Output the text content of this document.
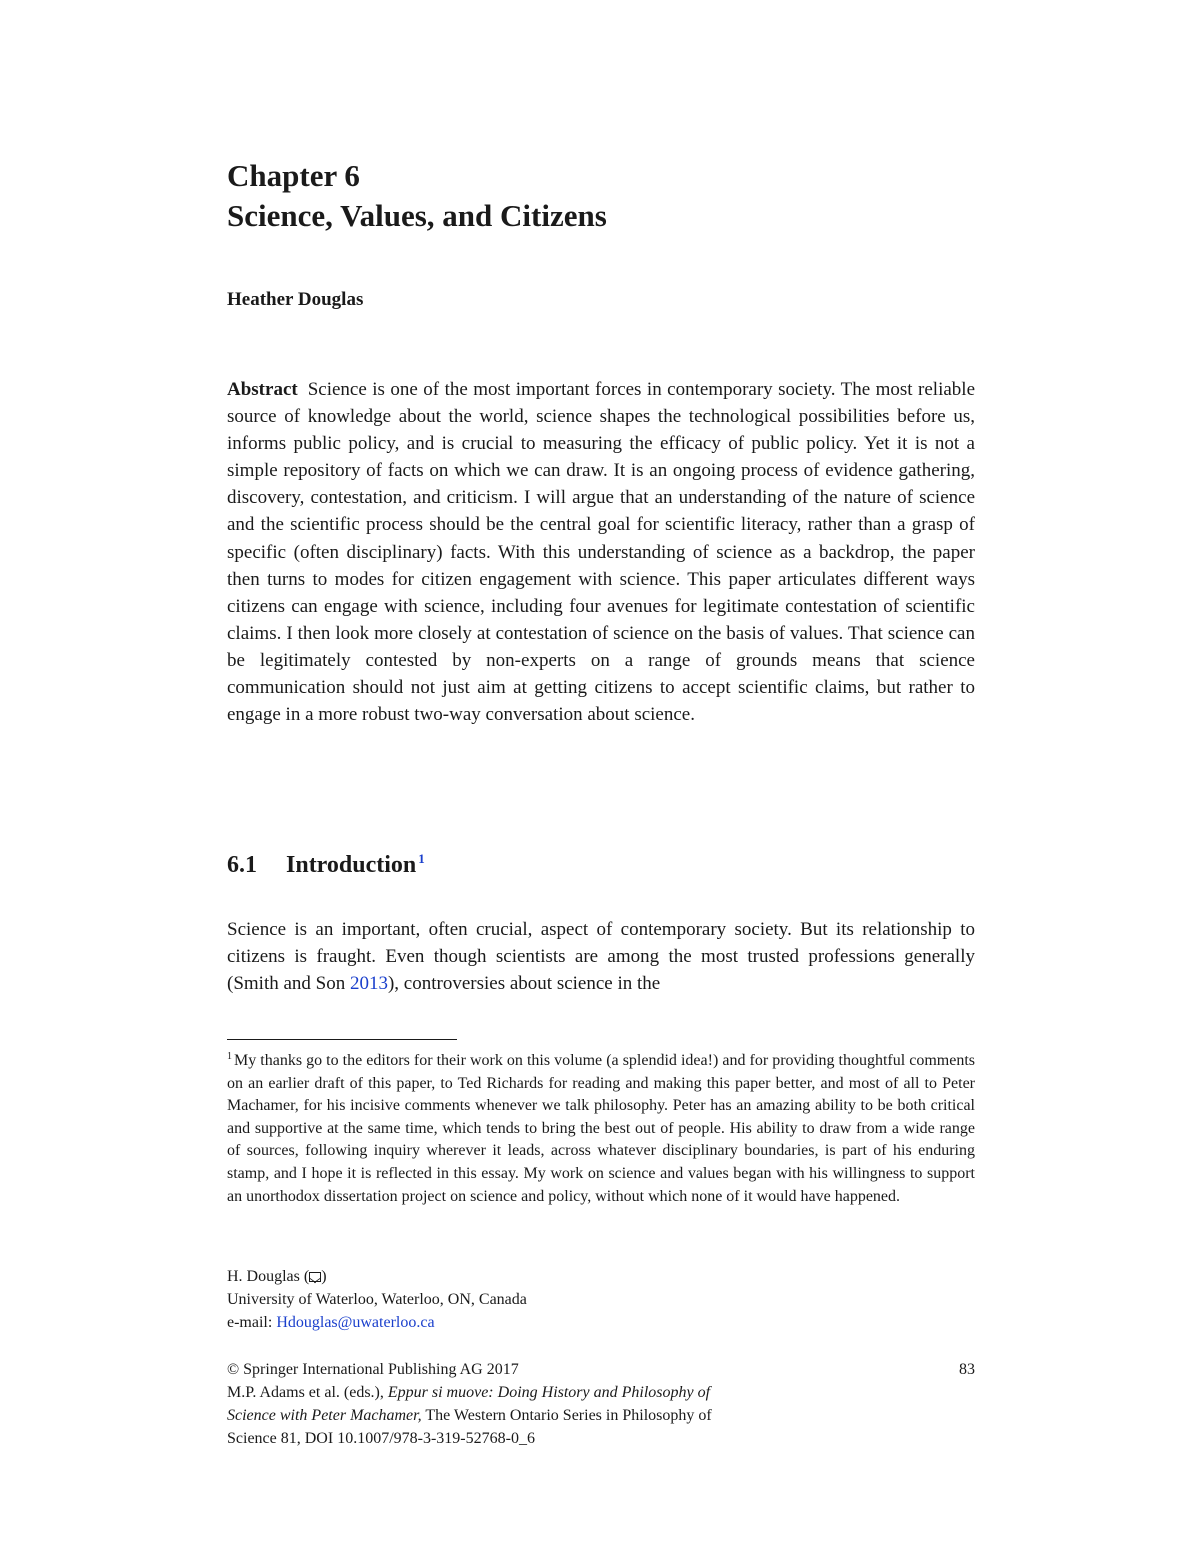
Chapter 6
Science, Values, and Citizens
Heather Douglas
Abstract Science is one of the most important forces in contemporary society. The most reliable source of knowledge about the world, science shapes the technological possibilities before us, informs public policy, and is crucial to measuring the efficacy of public policy. Yet it is not a simple repository of facts on which we can draw. It is an ongoing process of evidence gathering, discovery, contestation, and criticism. I will argue that an understanding of the nature of science and the scientific process should be the central goal for scientific literacy, rather than a grasp of specific (often disciplinary) facts. With this understanding of science as a backdrop, the paper then turns to modes for citizen engagement with science. This paper articulates different ways citizens can engage with science, including four avenues for legitimate contestation of scientific claims. I then look more closely at contestation of science on the basis of values. That science can be legitimately contested by non-experts on a range of grounds means that science communication should not just aim at getting citizens to accept scientific claims, but rather to engage in a more robust two-way conversation about science.
6.1 Introduction $^1$
Science is an important, often crucial, aspect of contemporary society. But its relationship to citizens is fraught. Even though scientists are among the most trusted professions generally (Smith and Son 2013), controversies about science in the
$^1$ My thanks go to the editors for their work on this volume (a splendid idea!) and for providing thoughtful comments on an earlier draft of this paper, to Ted Richards for reading and making this paper better, and most of all to Peter Machamer, for his incisive comments whenever we talk philosophy. Peter has an amazing ability to be both critical and supportive at the same time, which tends to bring the best out of people. His ability to draw from a wide range of sources, following inquiry wherever it leads, across whatever disciplinary boundaries, is part of his enduring stamp, and I hope it is reflected in this essay. My work on science and values began with his willingness to support an unorthodox dissertation project on science and policy, without which none of it would have happened.
H. Douglas ( )
University of Waterloo, Waterloo, ON, Canada
e-mail: Hdouglas@uwaterloo.ca
© Springer International Publishing AG 2017	83
M.P. Adams et al. (eds.), Eppur si muove: Doing History and Philosophy of
Science with Peter Machamer, The Western Ontario Series in Philosophy of
Science 81, DOI 10.1007/978-3-319-52768-0_6
